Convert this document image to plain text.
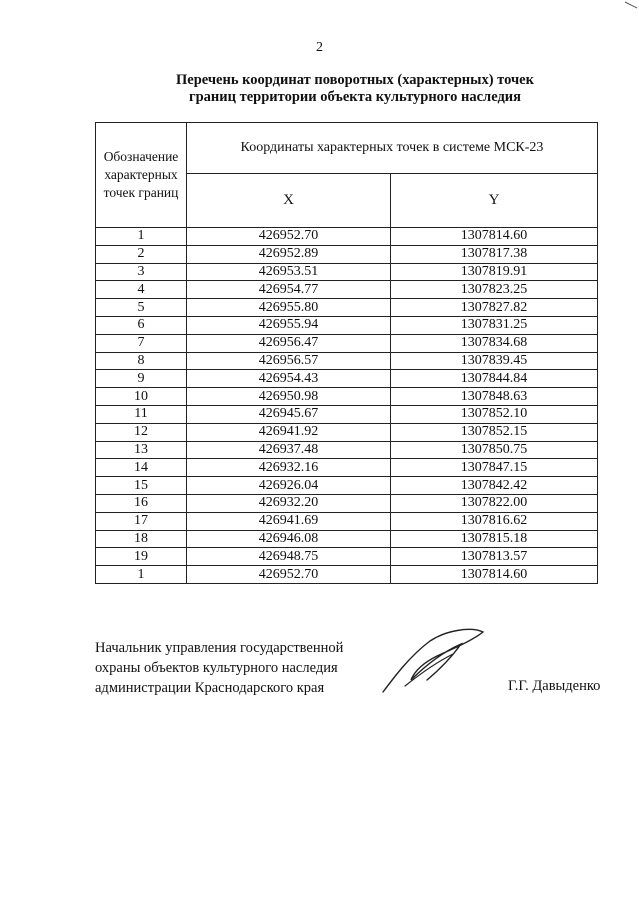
2
Перечень координат поворотных (характерных) точек
границ территории объекта культурного наследия
Обозначение характерных точек границ	Координаты характерных точек в системе МСК-23	
	X	Y
1	426952.70	1307814.60
2	426952.89	1307817.38
3	426953.51	1307819.91
4	426954.77	1307823.25
5	426955.80	1307827.82
6	426955.94	1307831.25
7	426956.47	1307834.68
8	426956.57	1307839.45
9	426954.43	1307844.84
10	426950.98	1307848.63
11	426945.67	1307852.10
12	426941.92	1307852.15
13	426937.48	1307850.75
14	426932.16	1307847.15
15	426926.04	1307842.42
16	426932.20	1307822.00
17	426941.69	1307816.62
18	426946.08	1307815.18
19	426948.75	1307813.57
1	426952.70	1307814.60
Начальник управления государственной
охраны объектов культурного наследия
администрации Краснодарского края	Г.Г. Давыденко
